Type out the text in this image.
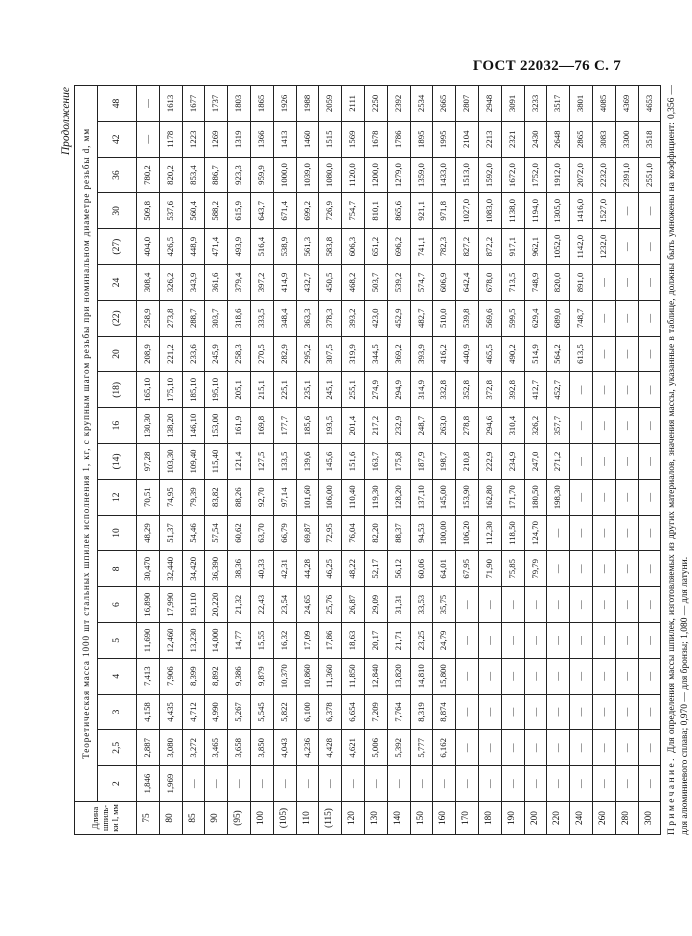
ГОСТ 22032—76 С. 7
Продолжение
Длина шпиль- ки l, мм	Теоретическая масса 1000 шт стальных шпилек исполнения 1, кг, с крупным шагом резьбы при номинальном диаметре резьбы d, мм																			
	2	2,5	3	4	5	6	8	10	12	(14)	16	(18)	20	(22)	24	(27)	30	36	42	48
75	1,846	2,887	4,158	7,413	11,690	16,890	30,470	48,29	70,51	97,28	130,30	165,10	208,9	258,9	308,4	404,0	509,8	780,2	—	—
80	1,969	3,080	4,435	7,906	12,460	17,990	32,440	51,37	74,95	103,30	138,20	175,10	221,2	273,8	326,2	426,5	537,6	820,2	1178	1613
85	—	3,272	4,712	8,399	13,230	19,110	34,420	54,46	79,39	109,40	146,10	185,10	233,6	288,7	343,9	448,9	560,4	853,4	1223	1677
90	—	3,465	4,990	8,892	14,000	20,220	36,390	57,54	83,82	115,40	153,00	195,10	245,9	303,7	361,6	471,4	588,2	886,7	1269	1737
(95)	—	3,658	5,267	9,386	14,77	21,32	38,36	60,62	88,26	121,4	161,9	205,1	258,3	318,6	379,4	493,9	615,9	923,3	1319	1803
100	—	3,850	5,545	9,879	15,55	22,43	40,33	63,70	92,70	127,5	169,8	215,1	270,5	333,5	397,2	516,4	643,7	959,9	1366	1865
(105)	—	4,043	5,822	10,370	16,32	23,54	42,31	66,79	97,14	133,5	177,7	225,1	282,9	348,4	414,9	538,9	671,4	1000,0	1413	1926
110	—	4,236	6,100	10,860	17,09	24,65	44,28	69,87	101,60	139,6	185,6	235,1	295,2	363,3	432,7	561,3	699,2	1039,0	1460	1988
(115)	—	4,428	6,378	11,360	17,86	25,76	46,25	72,95	106,00	145,6	193,5	245,1	307,5	378,3	450,5	583,8	726,9	1080,0	1515	2059
120	—	4,621	6,654	11,850	18,63	26,87	48,22	76,04	110,40	151,6	201,4	255,1	319,9	393,2	468,2	606,3	754,7	1120,0	1569	2111
130	—	5,006	7,209	12,840	20,17	29,09	52,17	82,20	119,30	163,7	217,2	274,9	344,5	423,0	503,7	651,2	810,1	1200,0	1678	2250
140	—	5,392	7,764	13,820	21,71	31,31	56,12	88,37	128,20	175,8	232,9	294,9	369,2	452,9	539,2	696,2	865,6	1279,0	1786	2392
150	—	5,777	8,319	14,810	23,25	33,53	60,06	94,53	137,10	187,9	248,7	314,9	393,9	482,7	574,7	741,1	921,1	1359,0	1895	2534
160	—	6,162	8,874	15,800	24,79	35,75	64,01	100,00	145,00	198,7	263,0	332,8	416,2	510,0	606,9	782,3	971,8	1433,0	1995	2665
170	—	—	—	—	—	—	67,95	106,20	153,90	210,8	278,8	352,8	440,9	539,8	642,4	827,2	1027,0	1513,0	2104	2807
180	—	—	—	—	—	—	71,90	112,30	162,80	222,9	294,6	372,8	465,5	569,6	678,0	872,2	1083,0	1592,0	2213	2948
190	—	—	—	—	—	—	75,85	118,50	171,70	234,9	310,4	392,8	490,2	599,5	713,5	917,1	1138,0	1672,0	2321	3091
200	—	—	—	—	—	—	79,79	124,70	180,50	247,0	326,2	412,7	514,9	629,4	748,9	962,1	1194,0	1752,0	2430	3233
220	—	—	—	—	—	—	—	—	198,30	271,2	357,7	452,7	564,2	689,0	820,0	1052,0	1305,0	1912,0	2648	3517
240	—	—	—	—	—	—	—	—	—	—	—	—	613,5	748,7	891,0	1142,0	1416,0	2072,0	2865	3801
260	—	—	—	—	—	—	—	—	—	—	—	—	—	—	—	1232,0	1527,0	2232,0	3083	4085
280	—	—	—	—	—	—	—	—	—	—	—	—	—	—	—	—	—	2391,0	3300	4369
300	—	—	—	—	—	—	—	—	—	—	—	—	—	—	—	—	—	2551,0	3518	4653
Примечание. Для определения массы шпилек, изготовляемых из других материалов, значения массы, указанные в таблице, должны быть умножены на коэффициент: 0,356 — для алюминиевого сплава; 0,970 — для бронзы; 1,080 — для латуни.
